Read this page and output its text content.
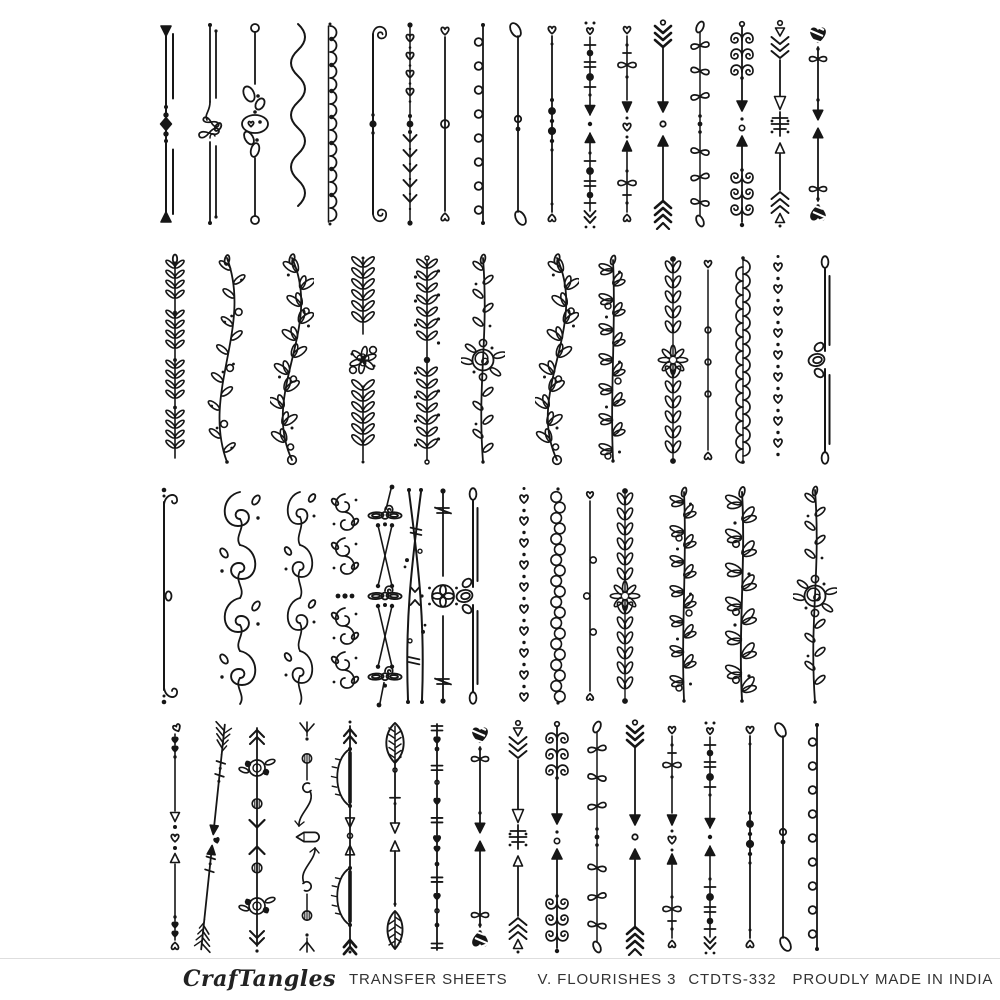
CrafTangles TRANSFER SHEETS V. FLOURISHES 3 CTDTS-332 PROUDLY MADE IN INDIA
